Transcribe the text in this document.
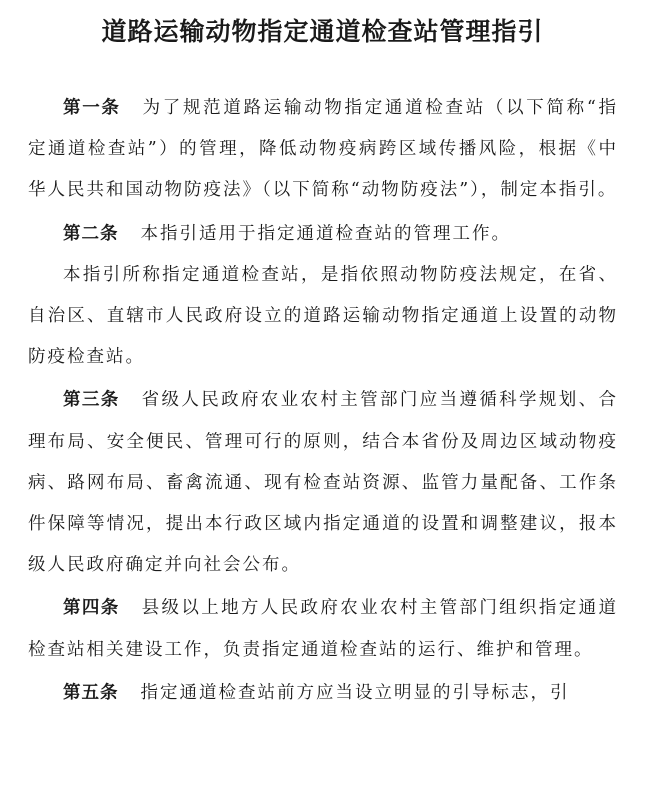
道路运输动物指定通道检查站管理指引

第一条 为了规范道路运输动物指定通道检查站（以下简称“指定通道检查站”）的管理，降低动物疫病跨区域传播风险，根据《中华人民共和国动物防疫法》（以下简称“动物防疫法”），制定本指引。

第二条 本指引适用于指定通道检查站的管理工作。

本指引所称指定通道检查站，是指依照动物防疫法规定，在省、自治区、直辖市人民政府设立的道路运输动物指定通道上设置的动物防疫检查站。

第三条 省级人民政府农业农村主管部门应当遵循科学规划、合理布局、安全便民、管理可行的原则，结合本省份及周边区域动物疫病、路网布局、畜禽流通、现有检查站资源、监管力量配备、工作条件保障等情况，提出本行政区域内指定通道的设置和调整建议，报本级人民政府确定并向社会公布。

第四条 县级以上地方人民政府农业农村主管部门组织指定通道检查站相关建设工作，负责指定通道检查站的运行、维护和管理。

第五条 指定通道检查站前方应当设立明显的引导标志，引
